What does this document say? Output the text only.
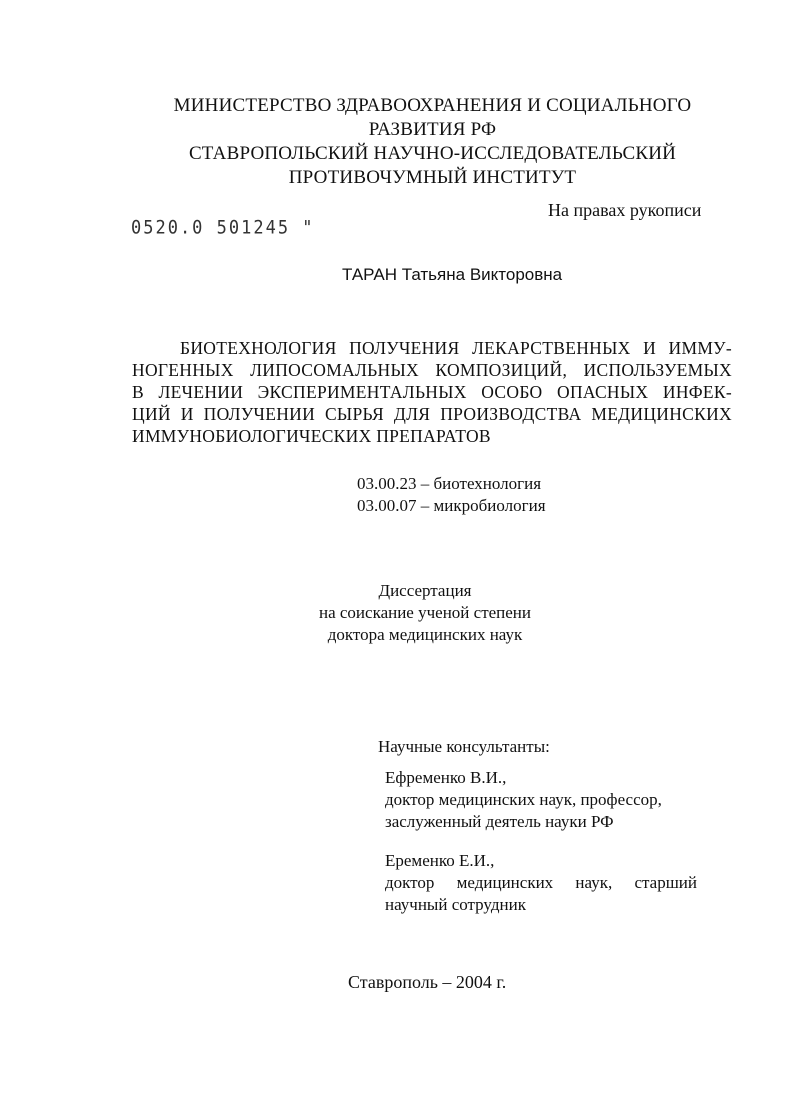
МИНИСТЕРСТВО ЗДРАВООХРАНЕНИЯ И СОЦИАЛЬНОГО
РАЗВИТИЯ РФ
СТАВРОПОЛЬСКИЙ НАУЧНО-ИССЛЕДОВАТЕЛЬСКИЙ
ПРОТИВОЧУМНЫЙ ИНСТИТУТ
На правах рукописи
0520.0 501245 "
ТАРАН Татьяна Викторовна
БИОТЕХНОЛОГИЯ ПОЛУЧЕНИЯ ЛЕКАРСТВЕННЫХ И ИММУ-
НОГЕННЫХ ЛИПОСОМАЛЬНЫХ КОМПОЗИЦИЙ, ИСПОЛЬЗУЕМЫХ
В ЛЕЧЕНИИ ЭКСПЕРИМЕНТАЛЬНЫХ ОСОБО ОПАСНЫХ ИНФЕК-
ЦИЙ И ПОЛУЧЕНИИ СЫРЬЯ ДЛЯ ПРОИЗВОДСТВА МЕДИЦИНСКИХ
ИММУНОБИОЛОГИЧЕСКИХ ПРЕПАРАТОВ
03.00.23 – биотехнология
03.00.07 – микробиология
Диссертация
на соискание ученой степени
доктора медицинских наук
Научные консультанты:
Ефременко В.И.,
доктор медицинских наук, профессор,
заслуженный деятель науки РФ
Еременко Е.И.,
доктор медицинских наук, старший
научный сотрудник
Ставрополь – 2004 г.
